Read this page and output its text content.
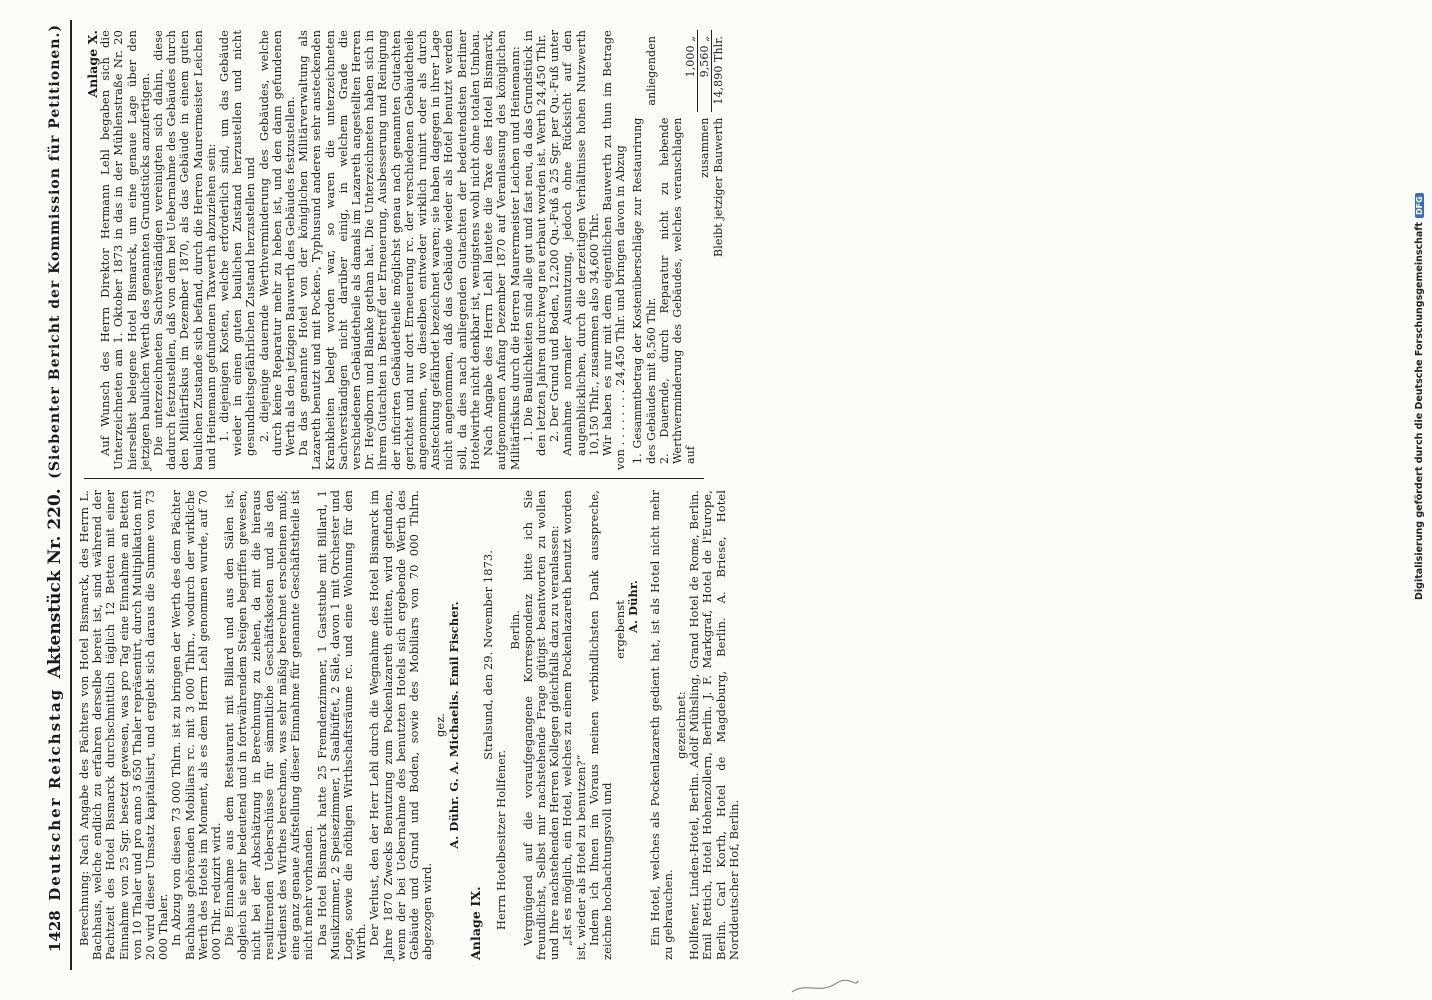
1428
Deutscher Reichstag
Aktenstück Nr. 220.
(Siebenter Bericht der Kommission für Petitionen.)

Berechnung: Nach Angabe des Pächters von Hotel Bismarck, des Herrn L. Bachhaus, welche endlich zu erfahren derselbe bereit ist, sind während der Pachtzeit des Hotel Bismarck durchschnittlich täglich 12 Betten mit einer Einnahme von 25 Sgr. besetzt gewesen, was pro Tag eine Einnahme an Betten von 10 Thaler und pro anno 3 650 Thaler repräsentirt, durch Multiplikation mit 20 wird dieser Umsatz kapitalisirt, und ergiebt sich daraus die Summe von 73 000 Thaler. In Abzug von diesen 73 000 Thlrn. ist zu bringen der Werth des dem Pächter Bachhaus gehörenden Mobiliars rc. mit 3 000 Thlrn., wodurch der wirkliche Werth des Hotels im Moment, als es dem Herrn Lehl genommen wurde, auf 70 000 Thlr. reduzirt wird. Die Einnahme aus dem Restaurant mit Billard und aus den Sälen ist, obgleich sie sehr bedeutend und in fortwährendem Steigen begriffen gewesen, nicht bei der Abschätzung in Berechnung zu ziehen, da mit die hieraus resultirenden Ueberschüsse für sämmtliche Geschäftskosten und als den Verdienst des Wirthes berechnen, was sehr mäßig berechnet erscheinen muß; eine ganz genaue Aufstellung dieser Einnahme für genannte Geschäftstheile ist nicht mehr vorhanden. Das Hotel Bismarck hatte 25 Fremdenzimmer, 1 Gaststube mit Billard, 1 Musikzimmer, 2 Speisezimmer, 1 Saalbüffet, 2 Säle, davon 1 mit Orchester und Loge, sowie die nöthigen Wirthschaftsräume rc. und eine Wohnung für den Wirth. Der Verlust, den der Herr Lehl durch die Wegnahme des Hotel Bismarck im Jahre 1870 Zwecks Benutzung zum Pockenlazareth erlitten, wird gefunden, wenn der bei Uebernahme des benutzten Hotels sich ergebende Werth des Gebäude und Grund und Boden, sowie des Mobiliars von 70 000 Thlrn. abgezogen wird.

gez. A. Dühr. G. A. Michaelis. Emil Fischer.

Anlage IX.

Stralsund, den 29. November 1873.

Herrn Hotelbesitzer Hollfener.

Berlin. Vergnügend auf die voraufgegangene Korrespondenz bitte ich Sie freundlichst, Selbst mir nachstehende Frage gütigst beantworten zu wollen und Ihre nachstehenden Herren Kollegen gleichfalls dazu zu veranlassen: „Ist es möglich, ein Hotel, welches zu einem Pockenlazareth benutzt worden ist, wieder als Hotel zu benutzen?“ Indem ich Ihnen im Voraus meinen verbindlichsten Dank ausspreche, zeichne hochachtungsvoll und

ergebenst A. Dühr. Ein Hotel, welches als Pockenlazareth gedient hat, ist als Hotel nicht mehr zu gebrauchen.

gezeichnet: Hollfener, Linden-Hotel, Berlin. Adolf Mühsling, Grand Hotel de Rome, Berlin. Emil Rettich, Hotel Hohenzollern, Berlin. J. F. Markgraf, Hotel de l'Europe, Berlin. Carl Korth, Hotel de Magdeburg, Berlin. A. Briese, Hotel Norddeutscher Hof, Berlin.

Anlage X.

Auf Wunsch des Herrn Direktor Hermann Lehl begaben sich die Unterzeichneten am 1. Oktober 1873 in das in der Mühlenstraße Nr. 20 hierselbst belegene Hotel Bismarck, um eine genaue Lage über den jetzigen baulichen Werth des genannten Grundstücks anzufertigen. Die unterzeichneten Sachverständigen vereinigten sich dahin, diese dadurch festzustellen, daß von dem bei Uebernahme des Gebäudes durch den Militärfiskus im Dezember 1870, als das Gebäude in einem guten baulichen Zustande sich befand, durch die Herren Maurermeister Leichen und Heinemann gefundenen Taxwerth abzuziehen sein: 1. diejenigen Kosten, welche erforderlich sind, um das Gebäude wieder in einen guten baulichen Zustand herzustellen und nicht gesundheitsgefährlichen Zustand herzustellen und 2. diejenige dauernde Werthverminderung des Gebäudes, welche durch keine Reparatur mehr zu heben ist, und den dann gefundenen Werth als den jetzigen Bauwerth des Gebäudes festzustellen. Da das genannte Hotel von der königlichen Militärverwaltung als Lazareth benutzt und mit Pocken-, Typhusund anderen sehr ansteckenden Krankheiten belegt worden war, so waren die unterzeichneten Sachverständigen nicht darüber einig, in welchem Grade die verschiedenen Gebäudetheile als damals im Lazareth angestellten Herren Dr. Heydborn und Blanke gethan hat. Die Unterzeichneten haben sich in ihrem Gutachten in Betreff der Erneuerung, Ausbesserung und Reinigung der inficirten Gebäudetheile möglichst genau nach genannten Gutachten gerichtet und nur dort Erneuerung rc. der verschiedenen Gebäudetheile angenommen, wo dieselben entweder wirklich ruinirt oder als durch Ansteckung gefährdet bezeichnet waren; sie haben dagegen in ihrer Lage nicht angenommen, daß das Gebäude wieder als Hotel benutzt werden soll, da dies nach anliegenden Gutachten der bedeutendsten Berliner Hotelwirthe nicht denkbar ist, wenigstens wohl nicht ohne totalen Umbau. Nach Angabe des Herrn Lehl lautete die Taxe des Hotel Bismarck, aufgenommen Anfang Dezember 1870 auf Veranlassung des königlichen Militärfiskus durch die Herren Maurermeister Leichen und Heinemann: 1. Die Baulichkeiten sind alle gut und fast neu, da das Grundstück in den letzten Jahren durchweg neu erbaut worden ist. Werth 24,450 Thlr. 2. Der Grund und Boden, 12,200 Qu.-Fuß à 25 Sgr. per Qu.-Fuß unter Annahme normaler Ausnutzung, jedoch ohne Rücksicht auf den augenblicklichen, durch die derzeitigen Verhältnisse hohen Nutzwerth 10,150 Thlr., zusammen also 34,600 Thlr. Wir haben es nur mit dem eigentlichen Bauwerth zu thun im Betrage von . . . . . . . . 24,450 Thlr. und bringen davon in Abzug 1. Gesammtbetrag der Kostenüberschläge zur Restaurirung des Gebäudes mit 8,560 Thlr.	anliegenden
2. Dauernde, durch Reparatur nicht zu hebende Werthverminderung des Gebäudes, welches veranschlagen auf	1,000 „
zusammen	9,560 „
Bleibt jetziger Bauwerth	14,890 Thlr.
Digitalisierung gefördert durch die Deutsche Forschungsgemeinschaft
DFG
